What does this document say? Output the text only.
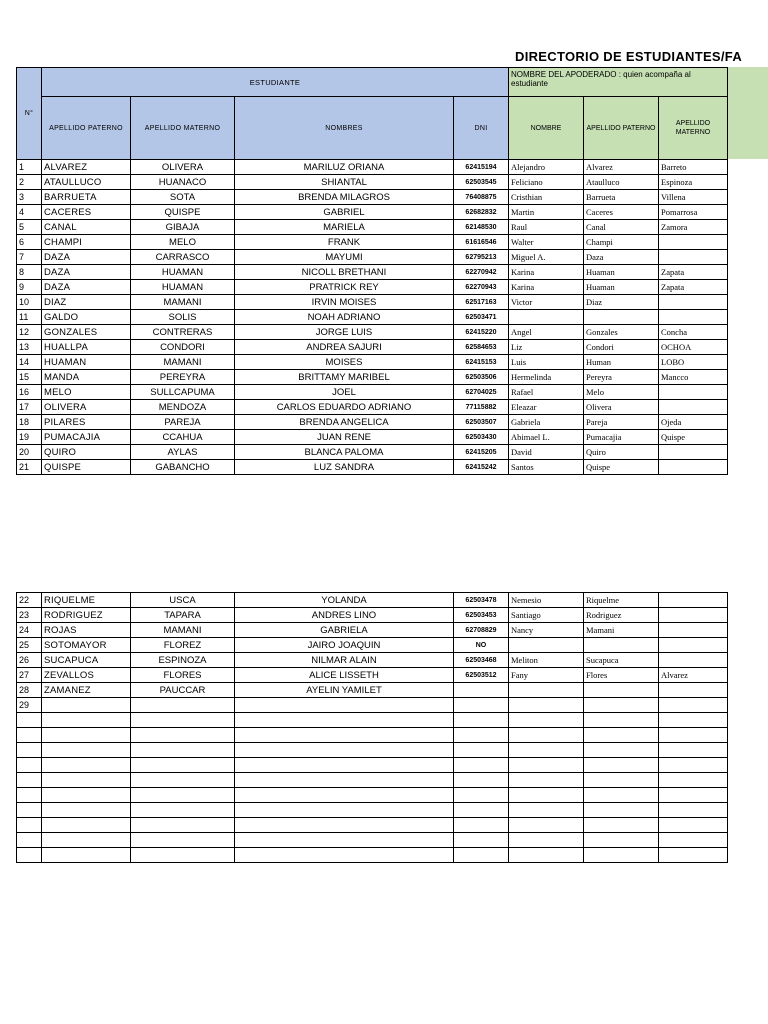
DIRECTORIO DE ESTUDIANTES/FA
N°	ESTUDIANTE				NOMBRE DEL APODERADO : quien acompaña al estudiante		
	APELLIDO PATERNO	APELLIDO MATERNO	NOMBRES	DNI	NOMBRE	APELLIDO PATERNO	APELLIDO MATERNO
1	ALVAREZ	OLIVERA	MARILUZ ORIANA	62415194	Alejandro	Alvarez	Barreto
2	ATAULLUCO	HUANACO	SHIANTAL	62503545	Feliciano	Ataulluco	Espinoza
3	BARRUETA	SOTA	BRENDA MILAGROS	76408875	Cristhian	Barrueta	Villena
4	CACERES	QUISPE	GABRIEL	62682832	Martin	Caceres	Pomarrosa
5	CANAL	GIBAJA	MARIELA	62148530	Raul	Canal	Zamora
6	CHAMPI	MELO	FRANK	61616546	Walter	Champi	
7	DAZA	CARRASCO	MAYUMI	62795213	Miguel A.	Daza	
8	DAZA	HUAMAN	NICOLL BRETHANI	62270942	Karina	Huaman	Zapata
9	DAZA	HUAMAN	PRATRICK REY	62270943	Karina	Huaman	Zapata
10	DIAZ	MAMANI	IRVIN MOISES	62517163	Victor	Diaz	
11	GALDO	SOLIS	NOAH ADRIANO	62503471			
12	GONZALES	CONTRERAS	JORGE LUIS	62415220	Angel	Gonzales	Concha
13	HUALLPA	CONDORI	ANDREA SAJURI	62584653	Liz	Condori	OCHOA
14	HUAMAN	MAMANI	MOISES	62415153	Luis	Human	LOBO
15	MANDA	PEREYRA	BRITTAMY MARIBEL	62503506	Hermelinda	Pereyra	Mancco
16	MELO	SULLCAPUMA	JOEL	62704025	Rafael	Melo	
17	OLIVERA	MENDOZA	CARLOS EDUARDO ADRIANO	77115882	Eleazar	Olivera	
18	PILARES	PAREJA	BRENDA ANGELICA	62503507	Gabriela	Pareja	Ojeda
19	PUMACAJIA	CCAHUA	JUAN RENE	62503430	Abimael L.	Pumacajia	Quispe
20	QUIRO	AYLAS	BLANCA PALOMA	62415205	David	Quiro	
21	QUISPE	GABANCHO	LUZ SANDRA	62415242	Santos	Quispe	
22	RIQUELME	USCA	YOLANDA	62503478	Nemesio	Riquelme	
23	RODRIGUEZ	TAPARA	ANDRES LINO	62503453	Santiago	Rodriguez	
24	ROJAS	MAMANI	GABRIELA	62708829	Nancy	Mamani	
25	SOTOMAYOR	FLOREZ	JAIRO JOAQUIN	NO			
26	SUCAPUCA	ESPINOZA	NILMAR ALAIN	62503468	Meliton	Sucapuca	
27	ZEVALLOS	FLORES	ALICE LISSETH	62503512	Fany	Flores	Alvarez
28	ZAMANEZ	PAUCCAR	AYELIN YAMILET				
29							
